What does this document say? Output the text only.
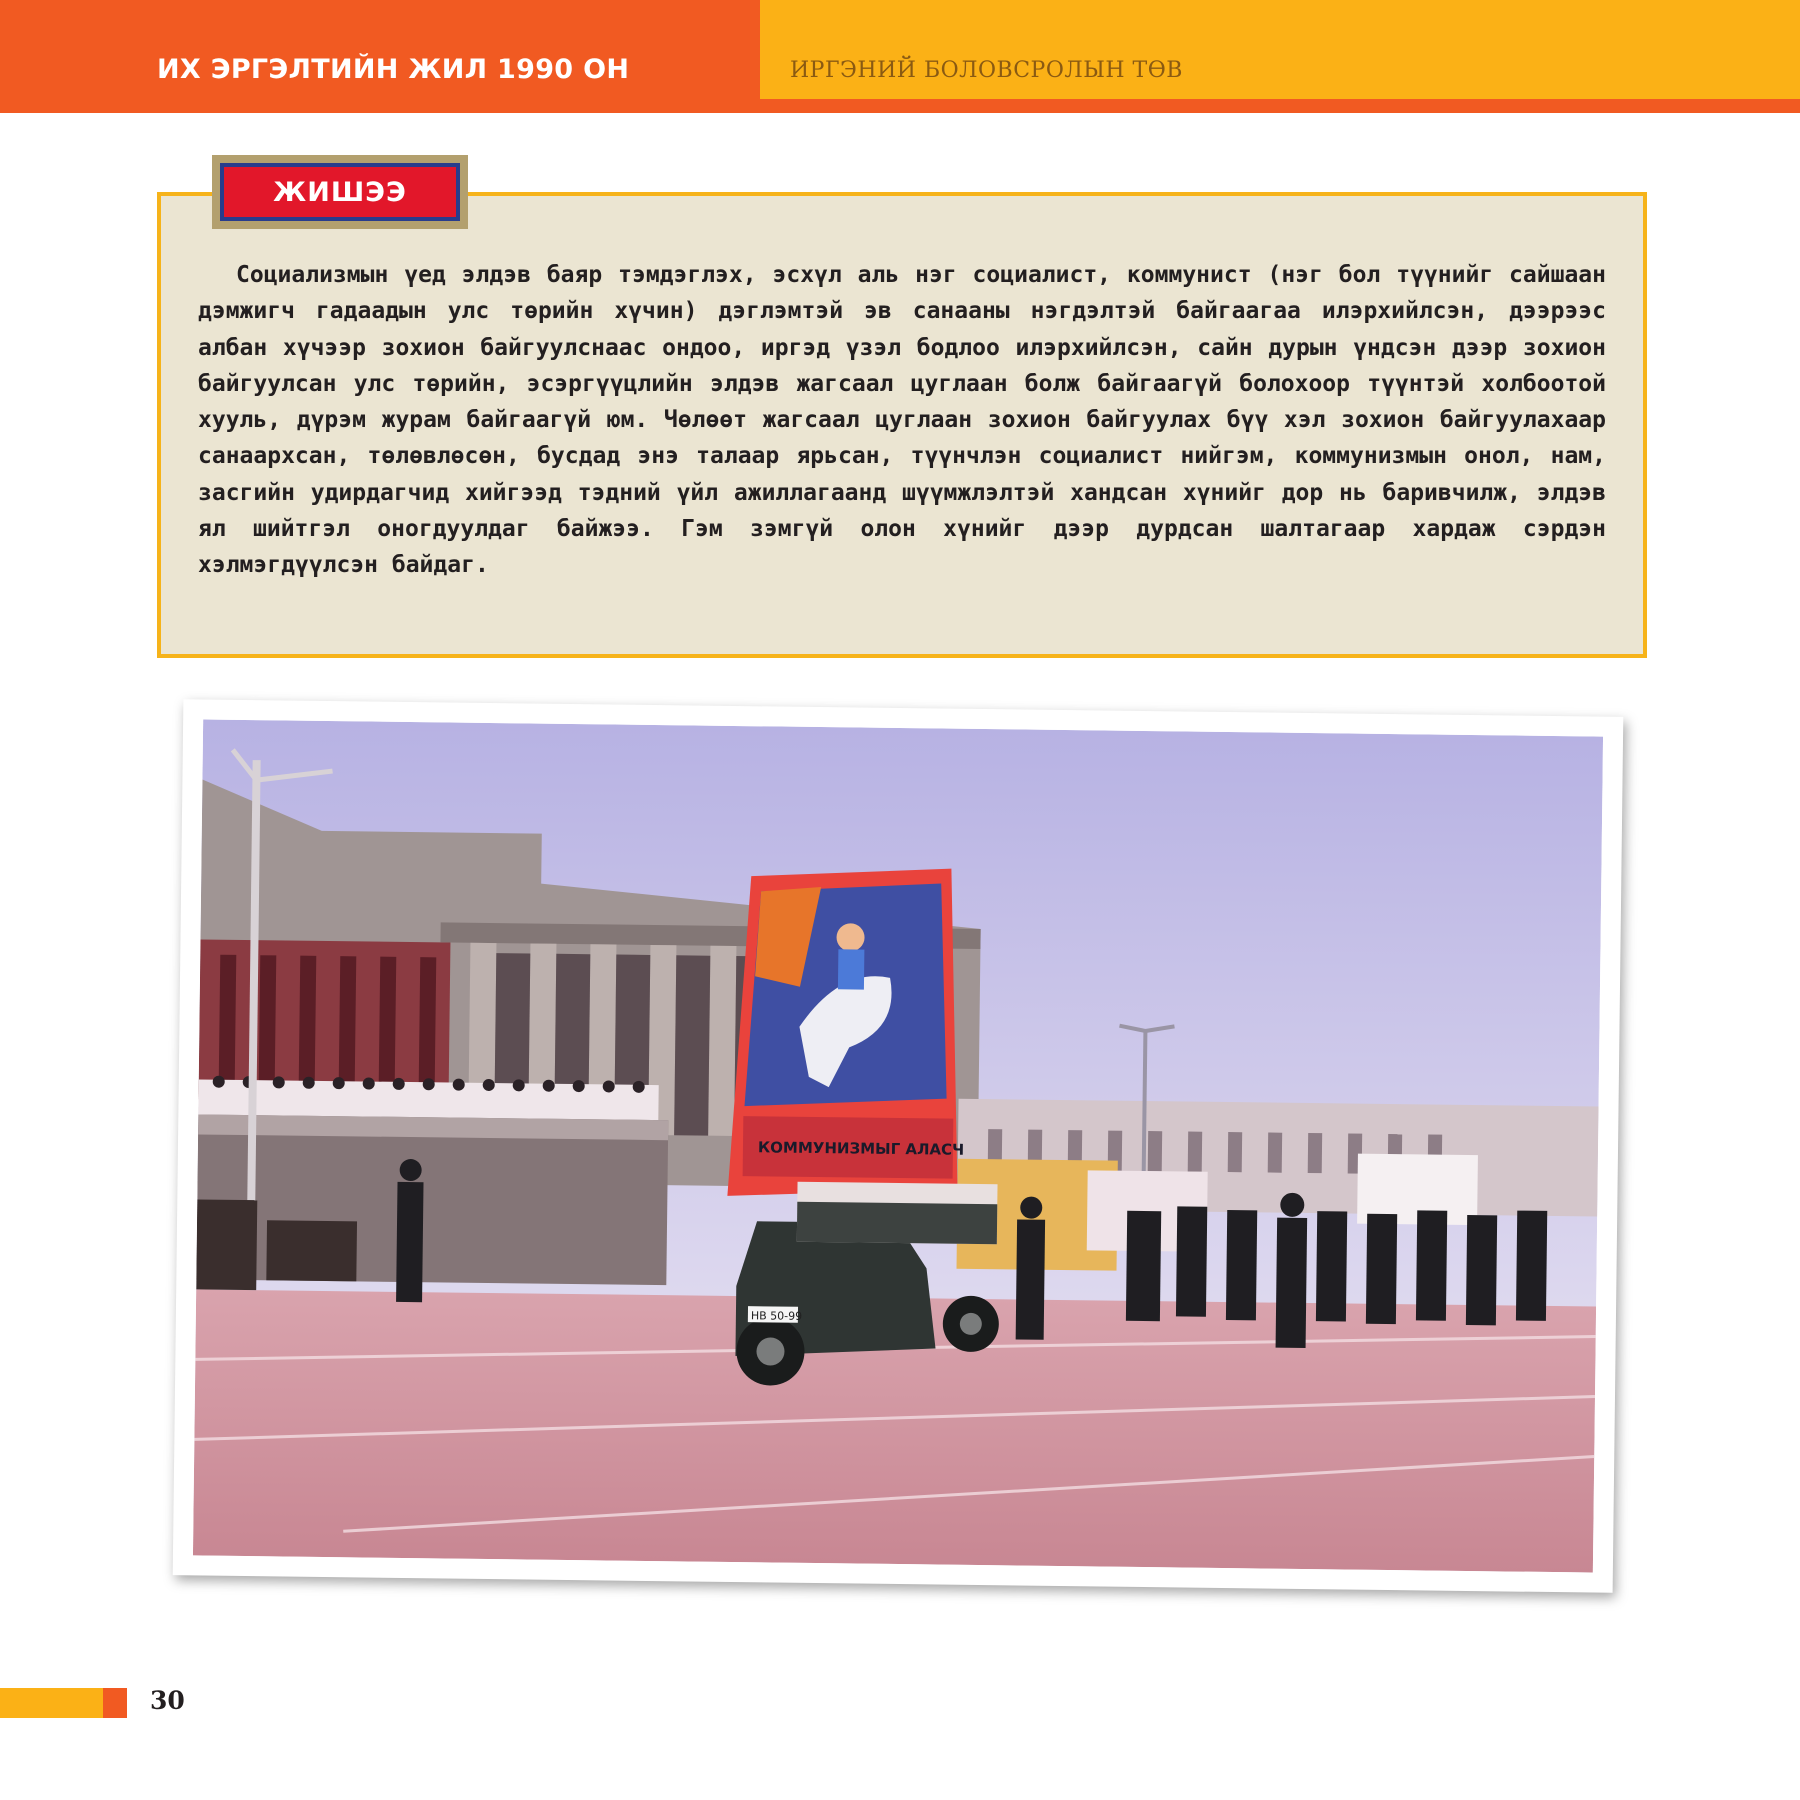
ИХ ЭРГЭЛТИЙН ЖИЛ 1990 ОН	ИРГЭНИЙ БОЛОВСРОЛЫН ТӨВ
ЖИШЭЭ
Социализмын үед элдэв баяр тэмдэглэх, эсхүл аль нэг социалист, коммунист (нэг бол түүнийг сайшаан дэмжигч гадаадын улс төрийн хүчин) дэглэмтэй эв санааны нэгдэлтэй байгаагаа илэрхийлсэн, дээрээс албан хүчээр зохион байгуулснаас ондоо, иргэд үзэл бодлоо илэрхийлсэн, сайн дурын үндсэн дээр зохион байгуулсан улс төрийн, эсэргүүцлийн элдэв жагсаал цуглаан болж байгаагүй болохоор түүнтэй холбоотой хууль, дүрэм журам байгаагүй юм. Чөлөөт жагсаал цуглаан зохион байгуулах бүү хэл зохион байгуулахаар санаархсан, төлөвлөсөн, бусдад энэ талаар ярьсан, түүнчлэн социалист нийгэм, коммунизмын онол, нам, засгийн удирдагчид хийгээд тэдний үйл ажиллагаанд шүүмжлэлтэй хандсан хүнийг дор нь баривчилж, элдэв ял шийтгэл оногдуулдаг байжээ. Гэм зэмгүй олон хүнийг дээр дурдсан шалтагаар хардаж сэрдэн хэлмэгдүүлсэн байдаг.
КОММУНИЗМЫГ АЛАСЧ
НВ 50-99
30
